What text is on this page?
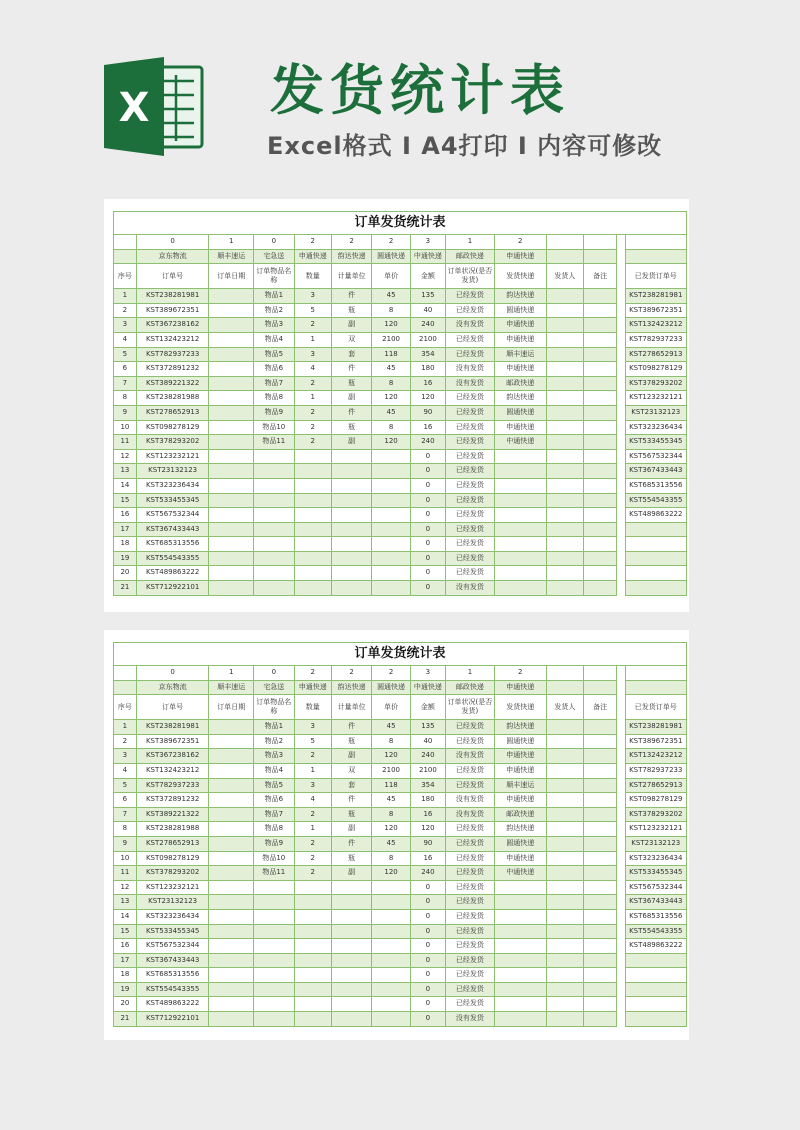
X 发货统计表
Excel格式 Ⅰ A4打印 Ⅰ 内容可修改
订单发货统计表													
	0	1	0	2	2	2	3	1	2				
	京东物流	顺丰速运	宅急送	申通快递	韵达快递	圆通快递	中通快递	邮政快递	申通快递				
序号	订单号	订单日期	订单物品名称	数量	计量单位	单价	金额	订单状况(是否发货)	发货快递	发货人	备注		已发货订单号
1	KST238281981		物品1	3	件	45	135	已经发货	韵达快递				KST238281981
2	KST389672351		物品2	5	瓶	8	40	已经发货	圆通快递				KST389672351
3	KST367238162		物品3	2	副	120	240	没有发货	申通快递				KST132423212
4	KST132423212		物品4	1	双	2100	2100	已经发货	申通快递				KST782937233
5	KST782937233		物品5	3	套	118	354	已经发货	顺丰速运				KST278652913
6	KST372891232		物品6	4	件	45	180	没有发货	申通快递				KST098278129
7	KST389221322		物品7	2	瓶	8	16	没有发货	邮政快递				KST378293202
8	KST238281988		物品8	1	副	120	120	已经发货	韵达快递				KST123232121
9	KST278652913		物品9	2	件	45	90	已经发货	圆通快递				KST23132123
10	KST098278129		物品10	2	瓶	8	16	已经发货	申通快递				KST323236434
11	KST378293202		物品11	2	副	120	240	已经发货	中通快递				KST533455345
12	KST123232121						0	已经发货					KST567532344
13	KST23132123						0	已经发货					KST367433443
14	KST323236434						0	已经发货					KST685313556
15	KST533455345						0	已经发货					KST554543355
16	KST567532344						0	已经发货					KST489863222
17	KST367433443						0	已经发货					
18	KST685313556						0	已经发货					
19	KST554543355						0	已经发货					
20	KST489863222						0	已经发货					
21	KST712922101						0	没有发货					
订单发货统计表													
	0	1	0	2	2	2	3	1	2				
	京东物流	顺丰速运	宅急送	申通快递	韵达快递	圆通快递	中通快递	邮政快递	申通快递				
序号	订单号	订单日期	订单物品名称	数量	计量单位	单价	金额	订单状况(是否发货)	发货快递	发货人	备注		已发货订单号
1	KST238281981		物品1	3	件	45	135	已经发货	韵达快递				KST238281981
2	KST389672351		物品2	5	瓶	8	40	已经发货	圆通快递				KST389672351
3	KST367238162		物品3	2	副	120	240	没有发货	申通快递				KST132423212
4	KST132423212		物品4	1	双	2100	2100	已经发货	申通快递				KST782937233
5	KST782937233		物品5	3	套	118	354	已经发货	顺丰速运				KST278652913
6	KST372891232		物品6	4	件	45	180	没有发货	申通快递				KST098278129
7	KST389221322		物品7	2	瓶	8	16	没有发货	邮政快递				KST378293202
8	KST238281988		物品8	1	副	120	120	已经发货	韵达快递				KST123232121
9	KST278652913		物品9	2	件	45	90	已经发货	圆通快递				KST23132123
10	KST098278129		物品10	2	瓶	8	16	已经发货	申通快递				KST323236434
11	KST378293202		物品11	2	副	120	240	已经发货	中通快递				KST533455345
12	KST123232121						0	已经发货					KST567532344
13	KST23132123						0	已经发货					KST367433443
14	KST323236434						0	已经发货					KST685313556
15	KST533455345						0	已经发货					KST554543355
16	KST567532344						0	已经发货					KST489863222
17	KST367433443						0	已经发货					
18	KST685313556						0	已经发货					
19	KST554543355						0	已经发货					
20	KST489863222						0	已经发货					
21	KST712922101						0	没有发货					
